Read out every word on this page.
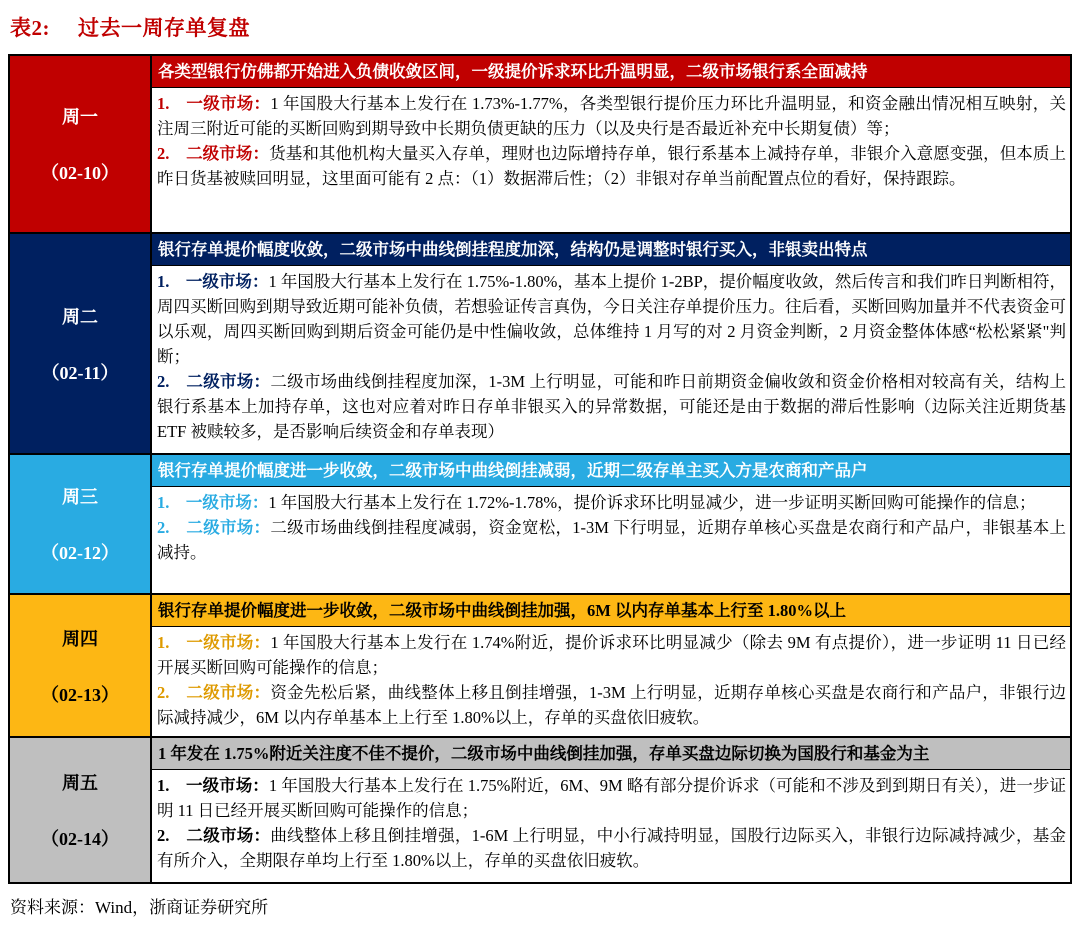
表2: 过去一周存单复盘
周一
（02-10）
各类型银行仿佛都开始进入负债收敛区间，一级提价诉求环比升温明显，二级市场银行系全面减持

1.　一级市场：1 年国股大行基本上发行在 1.73%-1.77%，各类型银行提价压力环比升温明显，和资金融出情况相互映射，关注周三附近可能的买断回购到期导致中长期负债更缺的压力（以及央行是否最近补充中长期复债）等；

2.　二级市场：货基和其他机构大量买入存单，理财也边际增持存单，银行系基本上减持存单，非银介入意愿变强，但本质上昨日货基被赎回明显，这里面可能有 2 点：（1）数据滞后性；（2）非银对存单当前配置点位的看好，保持跟踪。

周二
（02-11）
银行存单提价幅度收敛，二级市场中曲线倒挂程度加深，结构仍是调整时银行买入，非银卖出特点

1.　一级市场：1 年国股大行基本上发行在 1.75%-1.80%，基本上提价 1-2BP，提价幅度收敛，然后传言和我们昨日判断相符，周四买断回购到期导致近期可能补负债，若想验证传言真伪，今日关注存单提价压力。往后看，买断回购加量并不代表资金可以乐观，周四买断回购到期后资金可能仍是中性偏收敛，总体维持 1 月写的对 2 月资金判断，2 月资金整体体感“松松紧紧"判断；

2.　二级市场：二级市场曲线倒挂程度加深，1-3M 上行明显，可能和昨日前期资金偏收敛和资金价格相对较高有关，结构上银行系基本上加持存单，这也对应着对昨日存单非银买入的异常数据，可能还是由于数据的滞后性影响（边际关注近期货基 ETF 被赎较多，是否影响后续资金和存单表现）

周三
（02-12）
银行存单提价幅度进一步收敛，二级市场中曲线倒挂减弱，近期二级存单主买入方是农商和产品户

1.　一级市场：1 年国股大行基本上发行在 1.72%-1.78%，提价诉求环比明显减少，进一步证明买断回购可能操作的信息；

2.　二级市场：二级市场曲线倒挂程度减弱，资金宽松，1-3M 下行明显，近期存单核心买盘是农商行和产品户，非银基本上减持。

周四
（02-13）
银行存单提价幅度进一步收敛，二级市场中曲线倒挂加强，6M 以内存单基本上行至 1.80%以上

1.　一级市场：1 年国股大行基本上发行在 1.74%附近，提价诉求环比明显减少（除去 9M 有点提价），进一步证明 11 日已经开展买断回购可能操作的信息；

2.　二级市场：资金先松后紧，曲线整体上移且倒挂增强，1-3M 上行明显，近期存单核心买盘是农商行和产品户，非银行边际减持减少，6M 以内存单基本上上行至 1.80%以上，存单的买盘依旧疲软。

周五
（02-14）
1 年发在 1.75%附近关注度不佳不提价，二级市场中曲线倒挂加强，存单买盘边际切换为国股行和基金为主

1.　一级市场：1 年国股大行基本上发行在 1.75%附近，6M、9M 略有部分提价诉求（可能和不涉及到到期日有关），进一步证明 11 日已经开展买断回购可能操作的信息；

2.　二级市场：曲线整体上移且倒挂增强，1-6M 上行明显，中小行减持明显，国股行边际买入，非银行边际减持减少，基金有所介入，全期限存单均上行至 1.80%以上，存单的买盘依旧疲软。

资料来源：Wind，浙商证券研究所
